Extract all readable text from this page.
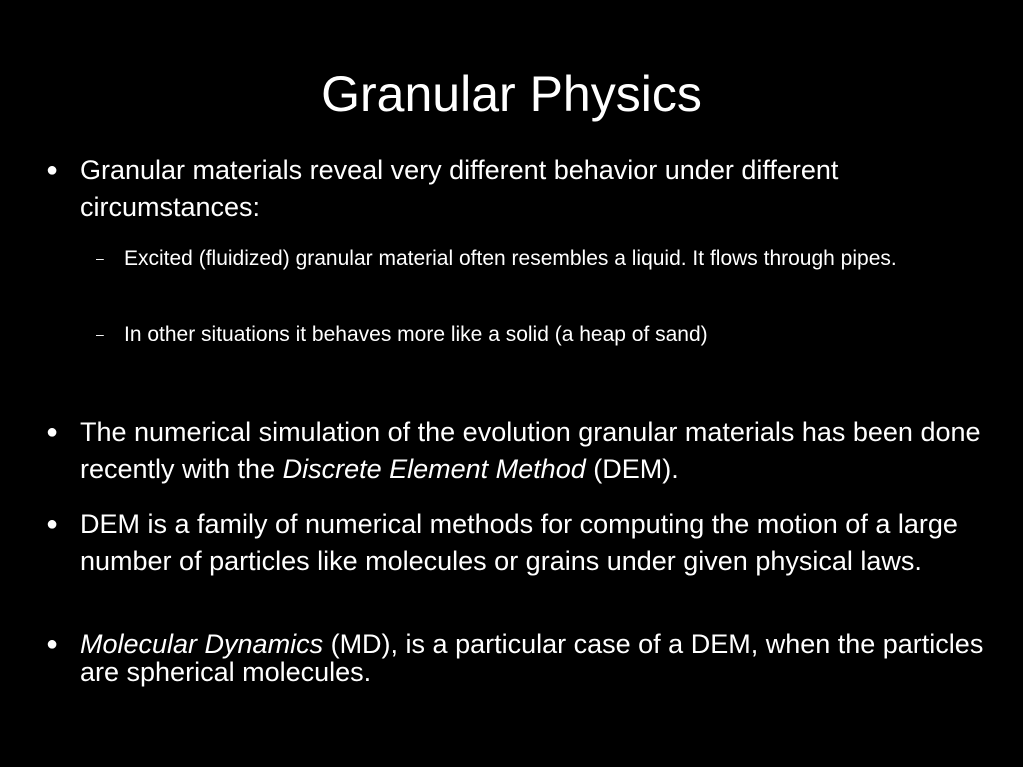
Granular Physics
● Granular materials reveal very different behavior under different circumstances:
– Excited (fluidized) granular material often resembles a liquid. It flows through pipes.
– In other situations it behaves more like a solid (a heap of sand)
● The numerical simulation of the evolution granular materials has been done recently with the Discrete Element Method (DEM).
● DEM is a family of numerical methods for computing the motion of a large number of particles like molecules or grains under given physical laws.
● Molecular Dynamics (MD), is a particular case of a DEM, when the particles are spherical molecules.
